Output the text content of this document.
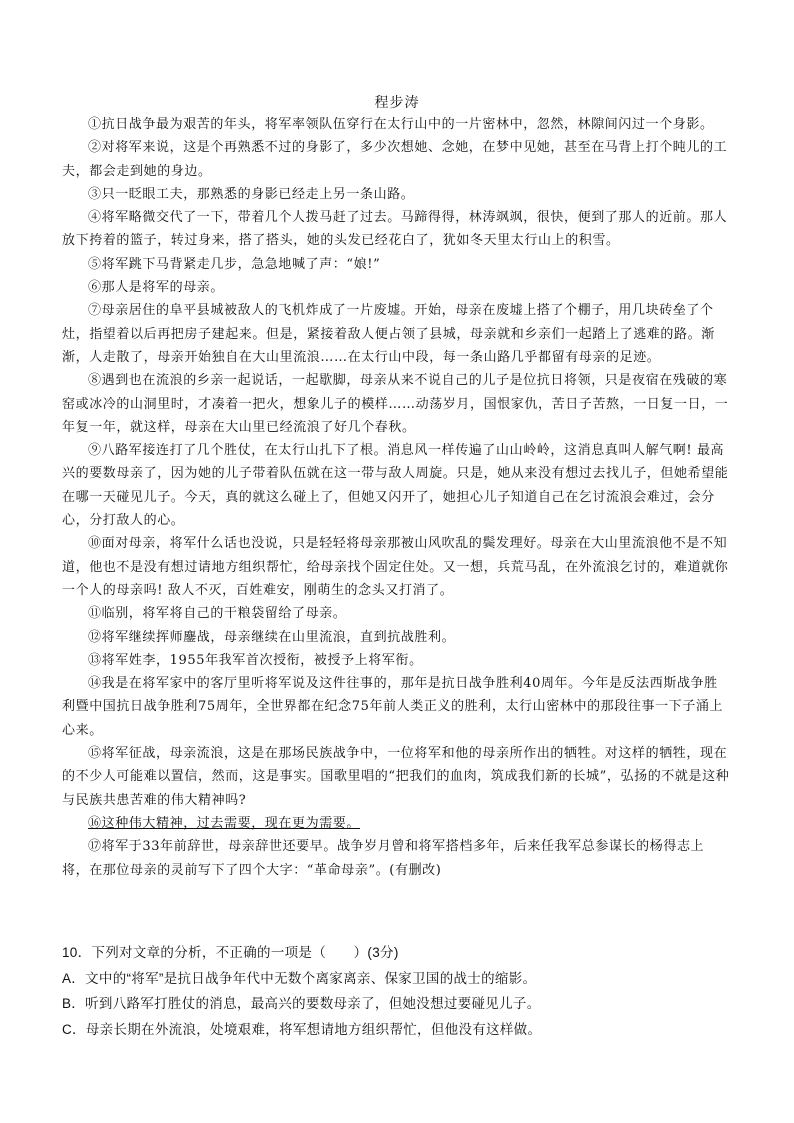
程步涛

①抗日战争最为艰苦的年头，将军率领队伍穿行在太行山中的一片密林中，忽然，林隙间闪过一个身影。

②对将军来说，这是个再熟悉不过的身影了，多少次想她、念她，在梦中见她，甚至在马背上打个盹儿的工夫，都会走到她的身边。

③只一眨眼工夫，那熟悉的身影已经走上另一条山路。

④将军略微交代了一下，带着几个人拨马赶了过去。马蹄得得，林涛飒飒，很快，便到了那人的近前。那人放下挎着的篮子，转过身来，搭了搭头，她的头发已经花白了，犹如冬天里太行山上的积雪。

⑤将军跳下马背紧走几步，急急地喊了声：“娘!”

⑥那人是将军的母亲。

⑦母亲居住的阜平县城被敌人的飞机炸成了一片废墟。开始，母亲在废墟上搭了个棚子，用几块砖垒了个灶，指望着以后再把房子建起来。但是，紧接着敌人便占领了县城，母亲就和乡亲们一起踏上了逃难的路。渐渐，人走散了，母亲开始独自在大山里流浪……在太行山中段，每一条山路几乎都留有母亲的足迹。

⑧遇到也在流浪的乡亲一起说话，一起歇脚，母亲从来不说自己的儿子是位抗日将领，只是夜宿在残破的寒窑或冰冷的山洞里时，才凑着一把火，想象儿子的模样……动荡岁月，国恨家仇，苦日子苦熬，一日复一日，一年复一年，就这样，母亲在大山里已经流浪了好几个春秋。

⑨八路军接连打了几个胜仗，在太行山扎下了根。消息风一样传遍了山山岭岭，这消息真叫人解气啊! 最高兴的要数母亲了，因为她的儿子带着队伍就在这一带与敌人周旋。只是，她从来没有想过去找儿子，但她希望能在哪一天碰见儿子。今天，真的就这么碰上了，但她又闪开了，她担心儿子知道自己在乞讨流浪会难过，会分心，分打敌人的心。

⑩面对母亲，将军什么话也没说，只是轻轻将母亲那被山风吹乱的鬓发理好。母亲在大山里流浪他不是不知道，他也不是没有想过请地方组织帮忙，给母亲找个固定住处。又一想，兵荒马乱，在外流浪乞讨的，难道就你一个人的母亲吗! 敌人不灭，百姓难安，刚萌生的念头又打消了。

⑪临别，将军将自己的干粮袋留给了母亲。

⑫将军继续挥师鏖战，母亲继续在山里流浪，直到抗战胜利。

⑬将军姓李，1955年我军首次授衔，被授予上将军衔。

⑭我是在将军家中的客厅里听将军说及这件往事的，那年是抗日战争胜利40周年。今年是反法西斯战争胜利暨中国抗日战争胜利75周年，全世界都在纪念75年前人类正义的胜利，太行山密林中的那段往事一下子涌上心来。

⑮将军征战，母亲流浪，这是在那场民族战争中，一位将军和他的母亲所作出的牺牲。对这样的牺牲，现在的不少人可能难以置信，然而，这是事实。国歌里唱的“把我们的血肉，筑成我们新的长城”，弘扬的不就是这种与民族共患苦难的伟大精神吗?

⑯这种伟大精神，过去需要，现在更为需要。

⑰将军于33年前辞世，母亲辞世还要早。战争岁月曾和将军搭档多年，后来任我军总参谋长的杨得志上将，在那位母亲的灵前写下了四个大字：“革命母亲”。(有删改)

10．下列对文章的分析，不正确的一项是（　　）(3分)

A．文中的“将军”是抗日战争年代中无数个离家离亲、保家卫国的战士的缩影。

B．听到八路军打胜仗的消息，最高兴的要数母亲了，但她没想过要碰见儿子。

C．母亲长期在外流浪，处境艰难，将军想请地方组织帮忙，但他没有这样做。
